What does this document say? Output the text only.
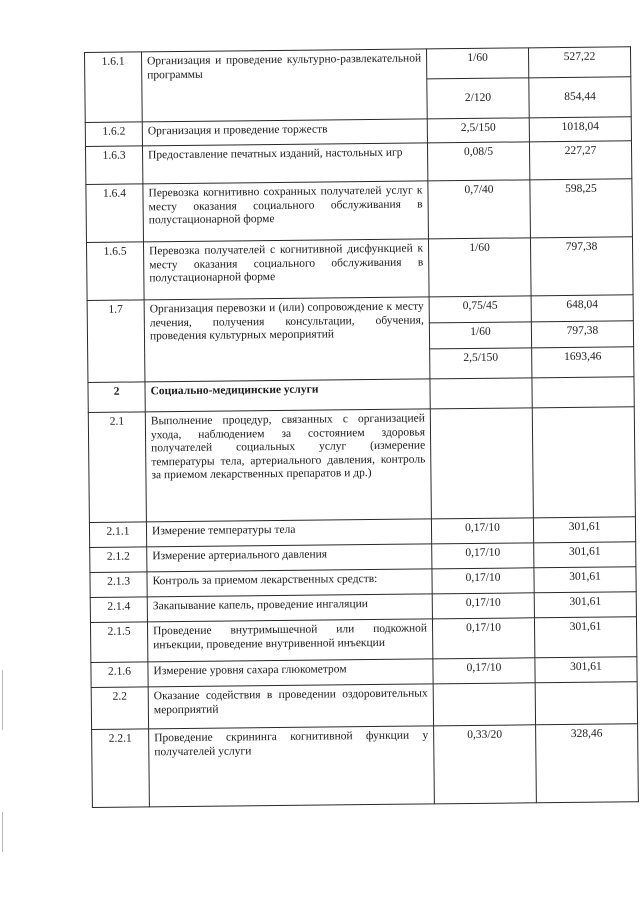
1.6.1	Организация и проведение культурно-развлекательной программы	1/60	527,22
		2/120	854,44
1.6.2	Организация и проведение торжеств	2,5/150	1018,04
1.6.3	Предоставление печатных изданий, настольных игр	0,08/5	227,27
1.6.4	Перевозка когнитивно сохранных получателей услуг к месту оказания социального обслуживания в полустационарной форме	0,7/40	598,25
1.6.5	Перевозка получателей с когнитивной дисфункцией к месту оказания социального обслуживания в полустационарной форме	1/60	797,38
1.7	Организация перевозки и (или) сопровождение к месту лечения, получения консультации, обучения, проведения культурных мероприятий	0,75/45	648,04
		1/60	797,38
		2,5/150	1693,46
2	Социально-медицинские услуги		
2.1	Выполнение процедур, связанных с организацией ухода, наблюдением за состоянием здоровья получателей социальных услуг (измерение температуры тела, артериального давления, контроль за приемом лекарственных препаратов и др.)		
2.1.1	Измерение температуры тела	0,17/10	301,61
2.1.2	Измерение артериального давления	0,17/10	301,61
2.1.3	Контроль за приемом лекарственных средств:	0,17/10	301,61
2.1.4	Закапывание капель, проведение ингаляции	0,17/10	301,61
2.1.5	Проведение внутримышечной или подкожной инъекции, проведение внутривенной инъекции	0,17/10	301,61
2.1.6	Измерение уровня сахара глюкометром	0,17/10	301,61
2.2	Оказание содействия в проведении оздоровительных мероприятий		
2.2.1	Проведение скрининга когнитивной функции у получателей услуги	0,33/20	328,46
